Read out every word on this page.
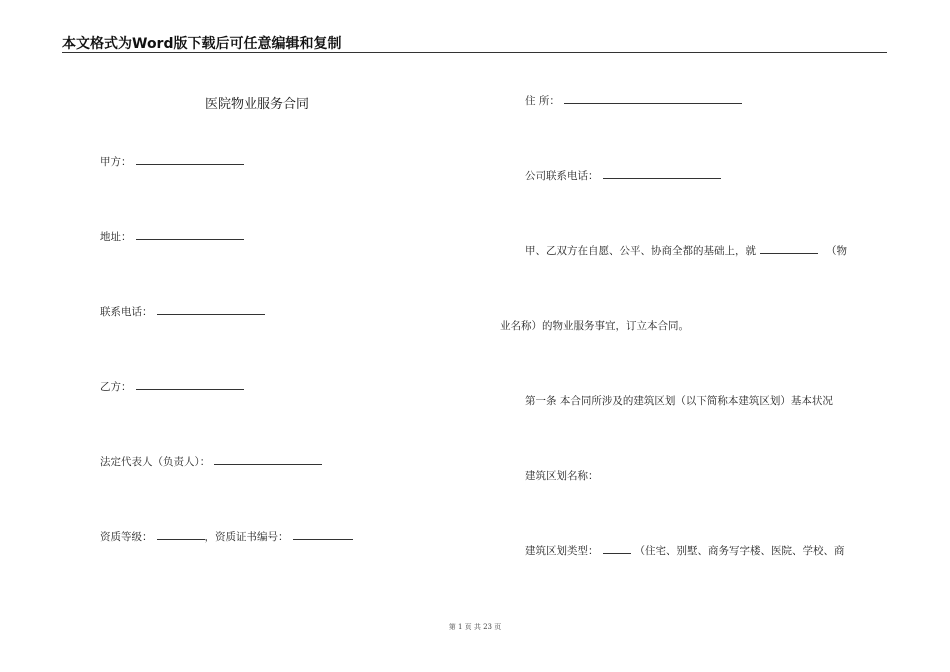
本文格式为Word版下载后可任意编辑和复制
医院物业服务合同
甲方：
地址：
联系电话：
乙方：
法定代表人（负责人）：
资质等级：	，资质证书编号：
住 所：
公司联系电话：
甲、乙双方在自愿、公平、协商全都的基础上，就	（物
业名称）的物业服务事宜，订立本合同。
第一条 本合同所涉及的建筑区划（以下简称本建筑区划）基本状况
建筑区划名称：
建筑区划类型：	（住宅、别墅、商务写字楼、医院、学校、商
第 1 页 共 23 页
